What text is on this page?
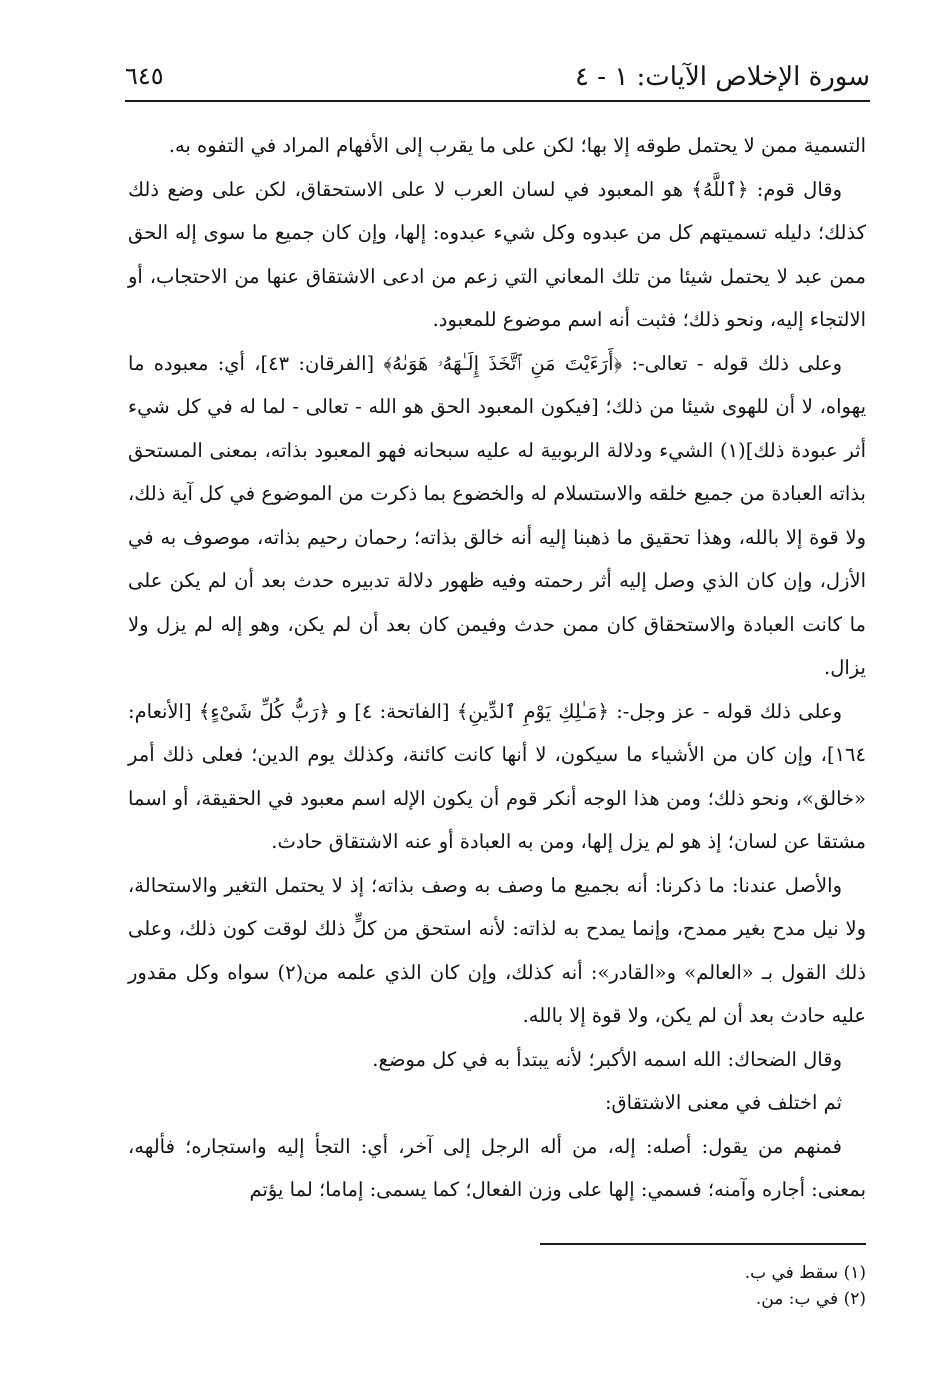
سورة الإخلاص الآيات: ١ - ٤
٦٤٥

التسمية ممن لا يحتمل طوقه إلا بها؛ لكن على ما يقرب إلى الأفهام المراد في التفوه به.

وقال قوم: ﴿ٱللَّهُ﴾ هو المعبود في لسان العرب لا على الاستحقاق، لكن على وضع ذلك كذلك؛ دليله تسميتهم كل من عبدوه وكل شيء عبدوه: إلها، وإن كان جميع ما سوى إله الحق ممن عبد لا يحتمل شيئا من تلك المعاني التي زعم من ادعى الاشتقاق عنها من الاحتجاب، أو الالتجاء إليه، ونحو ذلك؛ فثبت أنه اسم موضوع للمعبود.

وعلى ذلك قوله - تعالى-: ﴿أَرَءَيْتَ مَنِ ٱتَّخَذَ إِلَـٰهَهُۥ هَوَىٰهُ﴾ [الفرقان: ٤٣]، أي: معبوده ما يهواه، لا أن للهوى شيئا من ذلك؛ [فيكون المعبود الحق هو الله - تعالى - لما له في كل شيء أثر عبودة ذلك](١) الشيء ودلالة الربوبية له عليه سبحانه فهو المعبود بذاته، بمعنى المستحق بذاته العبادة من جميع خلقه والاستسلام له والخضوع بما ذكرت من الموضوع في كل آية ذلك، ولا قوة إلا بالله، وهذا تحقيق ما ذهبنا إليه أنه خالق بذاته؛ رحمان رحيم بذاته، موصوف به في الأزل، وإن كان الذي وصل إليه أثر رحمته وفيه ظهور دلالة تدبيره حدث بعد أن لم يكن على ما كانت العبادة والاستحقاق كان ممن حدث وفيمن كان بعد أن لم يكن، وهو إله لم يزل ولا يزال.

وعلى ذلك قوله - عز وجل-: ﴿مَـٰلِكِ يَوْمِ ٱلدِّينِ﴾ [الفاتحة: ٤] و ﴿رَبُّ كُلِّ شَىْءٍ﴾ [الأنعام: ١٦٤]، وإن كان من الأشياء ما سيكون، لا أنها كانت كائنة، وكذلك يوم الدين؛ فعلى ذلك أمر «خالق»، ونحو ذلك؛ ومن هذا الوجه أنكر قوم أن يكون الإله اسم معبود في الحقيقة، أو اسما مشتقا عن لسان؛ إذ هو لم يزل إلها، ومن به العبادة أو عنه الاشتقاق حادث.

والأصل عندنا: ما ذكرنا: أنه بجميع ما وصف به وصف بذاته؛ إذ لا يحتمل التغير والاستحالة، ولا نيل مدح بغير ممدح، وإنما يمدح به لذاته: لأنه استحق من كلٍّ ذلك لوقت كون ذلك، وعلى ذلك القول بـ «العالم» و«القادر»: أنه كذلك، وإن كان الذي علمه من(٢) سواه وكل مقدور عليه حادث بعد أن لم يكن، ولا قوة إلا بالله.

وقال الضحاك: الله اسمه الأكبر؛ لأنه يبتدأ به في كل موضع.

ثم اختلف في معنى الاشتقاق:

فمنهم من يقول: أصله: إله، من أله الرجل إلى آخر، أي: التجأ إليه واستجاره؛ فألهه، بمعنى: أجاره وآمنه؛ فسمي: إلها على وزن الفعال؛ كما يسمى: إماما؛ لما يؤتم

(١) سقط في ب.

(٢) في ب: من.
